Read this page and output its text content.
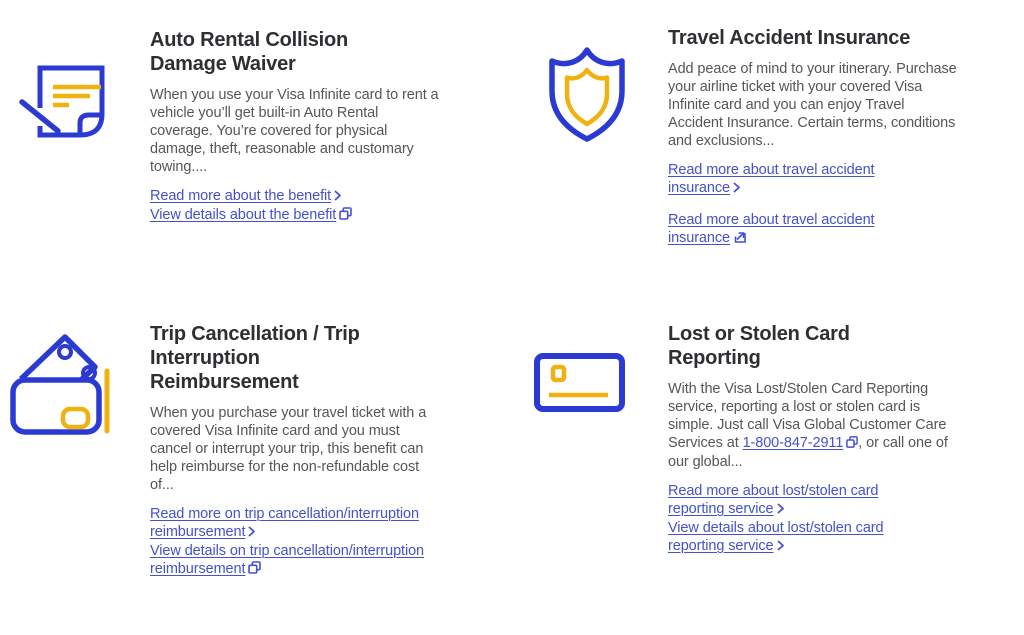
Auto Rental Collision
Damage Waiver

When you use your Visa Infinite card to rent a vehicle you’ll get built-in Auto Rental coverage. You’re covered for physical damage, theft, reasonable and customary towing....

Read more about the benefit
View details about the benefit
Travel Accident Insurance

Add peace of mind to your itinerary. Purchase your airline ticket with your covered Visa Infinite card and you can enjoy Travel Accident Insurance. Certain terms, conditions and exclusions...

Read more about travel accident insurance
Read more about travel accident insurance
Trip Cancellation / Trip
Interruption
Reimbursement

When you purchase your travel ticket with a covered Visa Infinite card and you must cancel or interrupt your trip, this benefit can help reimburse for the non-refundable cost of...

Read more on trip cancellation/interruption reimbursement
View details on trip cancellation/interruption reimbursement
Lost or Stolen Card
Reporting

With the Visa Lost/Stolen Card Reporting service, reporting a lost or stolen card is simple. Just call Visa Global Customer Care Services at 1-800-847-2911 , or call one of our global...

Read more about lost/stolen card reporting service
View details about lost/stolen card reporting service
